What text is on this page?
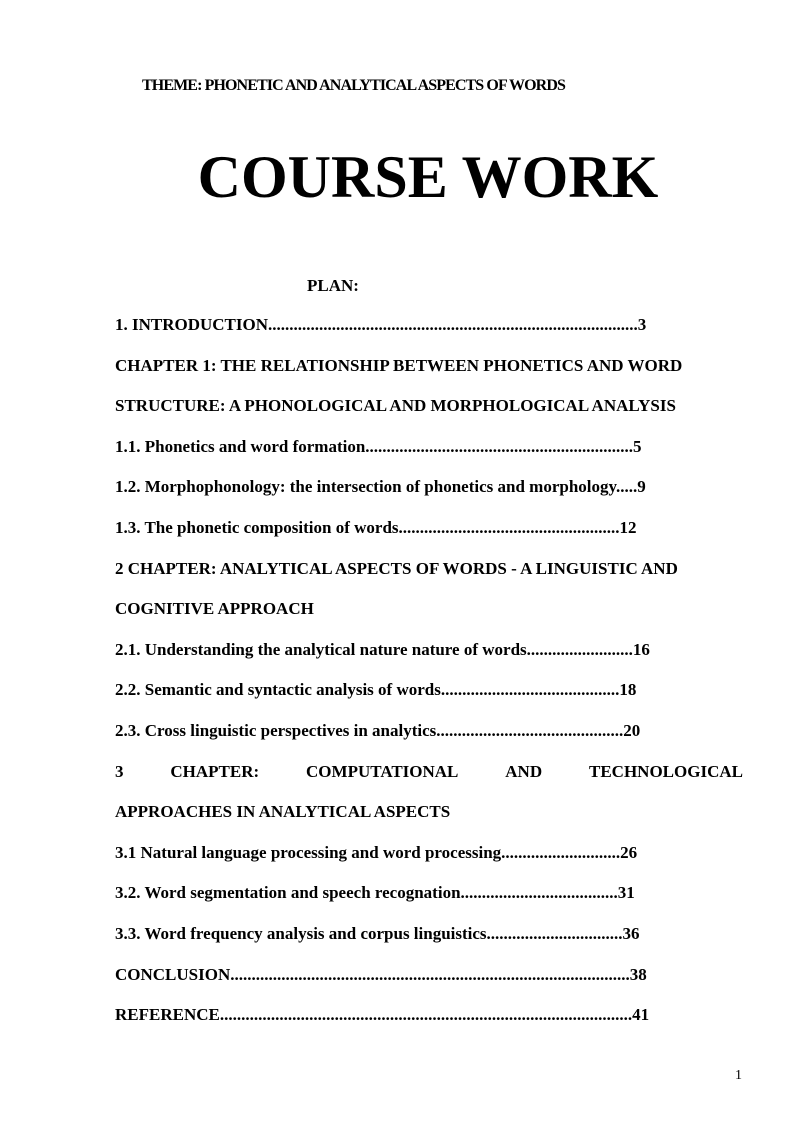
THEME: PHONETIC AND ANALYTICAL ASPECTS OF WORDS
COURSE WORK
PLAN:
1. INTRODUCTION.......................................................................................3
CHAPTER 1: THE RELATIONSHIP BETWEEN PHONETICS AND WORD
STRUCTURE: A PHONOLOGICAL AND MORPHOLOGICAL ANALYSIS
1.1. Phonetics and word formation...............................................................5
1.2. Morphophonology: the intersection of phonetics and morphology.....9
1.3. The phonetic composition of words....................................................12
2 CHAPTER: ANALYTICAL ASPECTS OF WORDS - A LINGUISTIC AND
COGNITIVE APPROACH
2.1. Understanding the analytical nature nature of words.........................16
2.2. Semantic and syntactic analysis of words..........................................18
2.3. Cross linguistic perspectives in analytics............................................20
3	CHAPTER:	COMPUTATIONAL	AND	TECHNOLOGICAL
APPROACHES IN ANALYTICAL ASPECTS
3.1 Natural language processing and word processing............................26
3.2. Word segmentation and speech recognation.....................................31
3.3. Word frequency analysis and corpus linguistics................................36
CONCLUSION..............................................................................................38
REFERENCE.................................................................................................41
1
